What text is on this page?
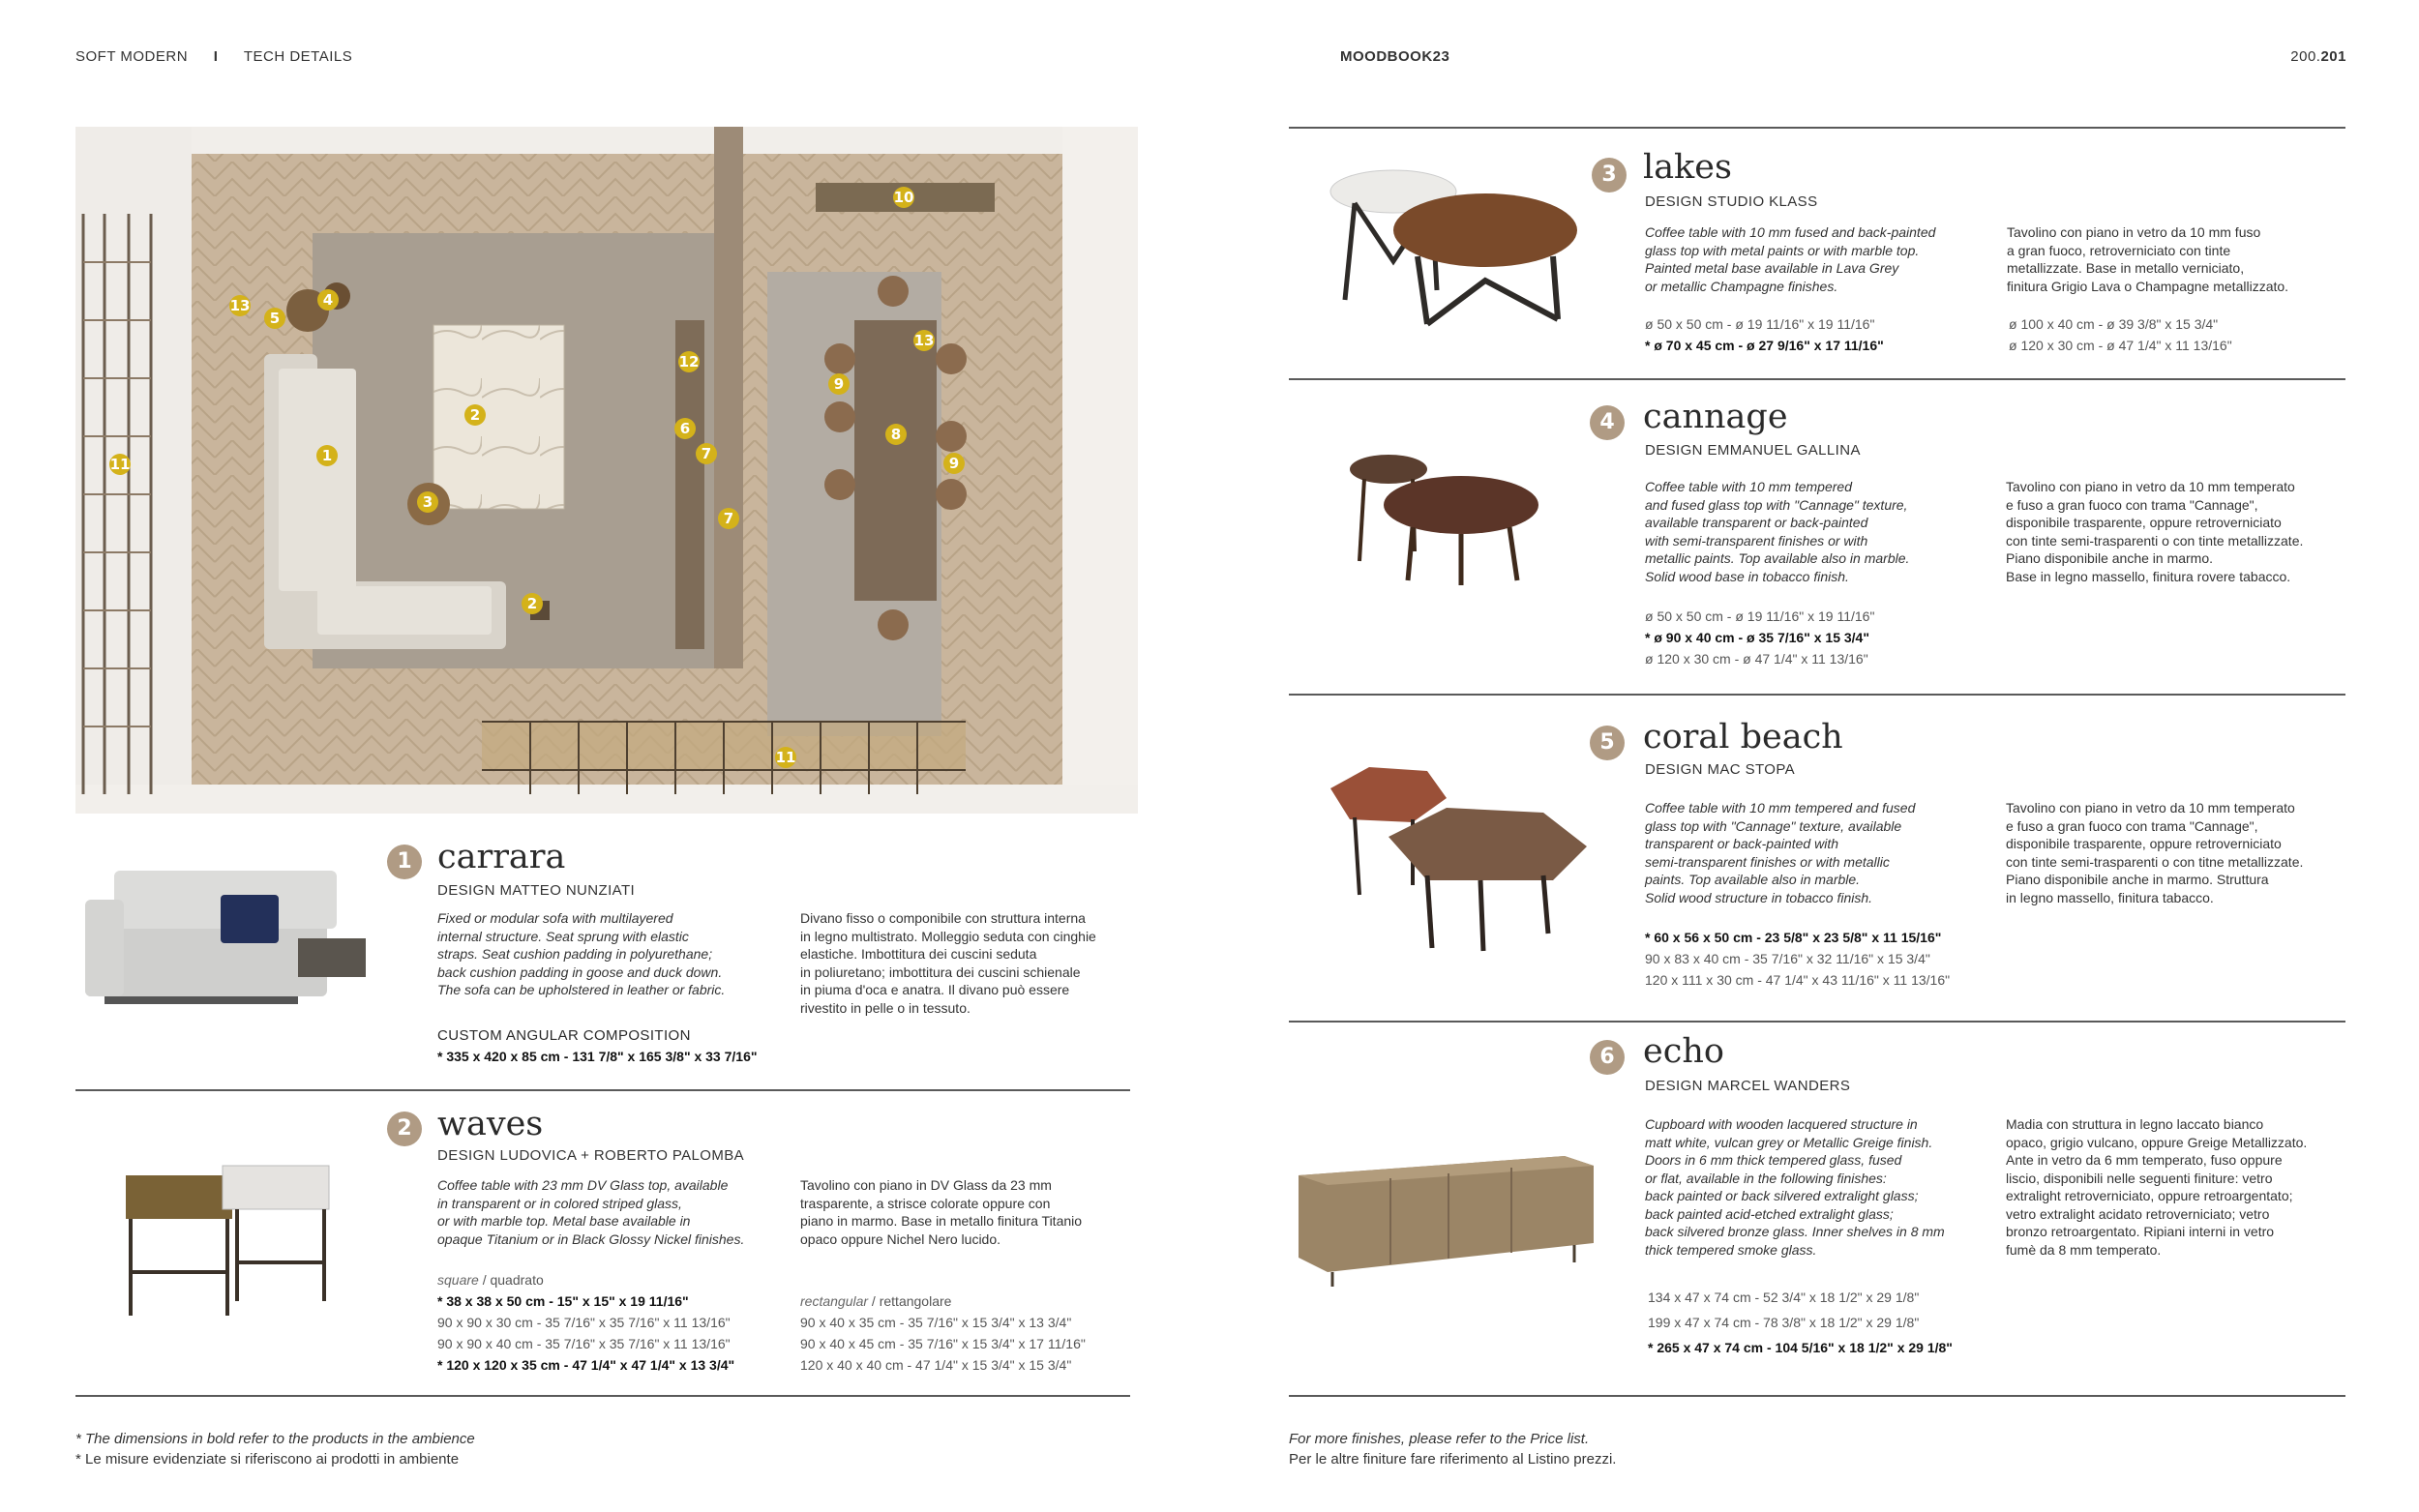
SOFT MODERN I TECH DETAILS	MOODBOOK23	200.201
1
2
2
3
4
5
6
7
7
8
9
9
10
11
11
12
13
13
1 carrara
DESIGN MATTEO NUNZIATI
Fixed or modular sofa with multilayered
internal structure. Seat sprung with elastic
straps. Seat cushion padding in polyurethane;
back cushion padding in goose and duck down.
The sofa can be upholstered in leather or fabric.
Divano fisso o componibile con struttura interna
in legno multistrato. Molleggio seduta con cinghie
elastiche. Imbottitura dei cuscini seduta
in poliuretano; imbottitura dei cuscini schienale
in piuma d'oca e anatra. Il divano può essere
rivestito in pelle o in tessuto.
CUSTOM ANGULAR COMPOSITION
* 335 x 420 x 85 cm - 131 7/8" x 165 3/8" x 33 7/16"
2 waves
DESIGN LUDOVICA + ROBERTO PALOMBA
Coffee table with 23 mm DV Glass top, available
in transparent or in colored striped glass,
or with marble top. Metal base available in
opaque Titanium or in Black Glossy Nickel finishes.
Tavolino con piano in DV Glass da 23 mm
trasparente, a strisce colorate oppure con
piano in marmo. Base in metallo finitura Titanio
opaco oppure Nichel Nero lucido.
square / quadrato
* 38 x 38 x 50 cm - 15" x 15" x 19 11/16"
90 x 90 x 30 cm - 35 7/16" x 35 7/16" x 11 13/16"
90 x 90 x 40 cm - 35 7/16" x 35 7/16" x 11 13/16"
* 120 x 120 x 35 cm - 47 1/4" x 47 1/4" x 13 3/4"
rectangular / rettangolare
90 x 40 x 35 cm - 35 7/16" x 15 3/4" x 13 3/4"
90 x 40 x 45 cm - 35 7/16" x 15 3/4" x 17 11/16"
120 x 40 x 40 cm - 47 1/4" x 15 3/4" x 15 3/4"
* The dimensions in bold refer to the products in the ambience
* Le misure evidenziate si riferiscono ai prodotti in ambiente
3 lakes
DESIGN STUDIO KLASS
Coffee table with 10 mm fused and back-painted
glass top with metal paints or with marble top.
Painted metal base available in Lava Grey
or metallic Champagne finishes.
Tavolino con piano in vetro da 10 mm fuso
a gran fuoco, retroverniciato con tinte
metallizzate. Base in metallo verniciato,
finitura Grigio Lava o Champagne metallizzato.
ø 50 x 50 cm - ø 19 11/16" x 19 11/16"
* ø 70 x 45 cm - ø 27 9/16" x 17 11/16"
ø 100 x 40 cm - ø 39 3/8" x 15 3/4"
ø 120 x 30 cm - ø 47 1/4" x 11 13/16"
4 cannage
DESIGN EMMANUEL GALLINA
Coffee table with 10 mm tempered
and fused glass top with "Cannage" texture,
available transparent or back-painted
with semi-transparent finishes or with
metallic paints. Top available also in marble.
Solid wood base in tobacco finish.
Tavolino con piano in vetro da 10 mm temperato
e fuso a gran fuoco con trama "Cannage",
disponibile trasparente, oppure retroverniciato
con tinte semi-trasparenti o con tinte metallizzate.
Piano disponibile anche in marmo.
Base in legno massello, finitura rovere tabacco.
ø 50 x 50 cm - ø 19 11/16" x 19 11/16"
* ø 90 x 40 cm - ø 35 7/16" x 15 3/4"
ø 120 x 30 cm - ø 47 1/4" x 11 13/16"
5 coral beach
DESIGN MAC STOPA
Coffee table with 10 mm tempered and fused
glass top with "Cannage" texture, available
transparent or back-painted with
semi-transparent finishes or with metallic
paints. Top available also in marble.
Solid wood structure in tobacco finish.
Tavolino con piano in vetro da 10 mm temperato
e fuso a gran fuoco con trama "Cannage",
disponibile trasparente, oppure retroverniciato
con tinte semi-trasparenti o con titne metallizzate.
Piano disponibile anche in marmo. Struttura
in legno massello, finitura tabacco.
* 60 x 56 x 50 cm - 23 5/8" x 23 5/8" x 11 15/16"
90 x 83 x 40 cm - 35 7/16" x 32 11/16" x 15 3/4"
120 x 111 x 30 cm - 47 1/4" x 43 11/16" x 11 13/16"
6 echo
DESIGN MARCEL WANDERS
Cupboard with wooden lacquered structure in
matt white, vulcan grey or Metallic Greige finish.
Doors in 6 mm thick tempered glass, fused
or flat, available in the following finishes:
back painted or back silvered extralight glass;
back painted acid-etched extralight glass;
back silvered bronze glass. Inner shelves in 8 mm
thick tempered smoke glass.
Madia con struttura in legno laccato bianco
opaco, grigio vulcano, oppure Greige Metallizzato.
Ante in vetro da 6 mm temperato, fuso oppure
liscio, disponibili nelle seguenti finiture: vetro
extralight retroverniciato, oppure retroargentato;
vetro extralight acidato retroverniciato; vetro
bronzo retroargentato. Ripiani interni in vetro
fumè da 8 mm temperato.
134 x 47 x 74 cm - 52 3/4" x 18 1/2" x 29 1/8"
199 x 47 x 74 cm - 78 3/8" x 18 1/2" x 29 1/8"
* 265 x 47 x 74 cm - 104 5/16" x 18 1/2" x 29 1/8"
For more finishes, please refer to the Price list.
Per le altre finiture fare riferimento al Listino prezzi.
